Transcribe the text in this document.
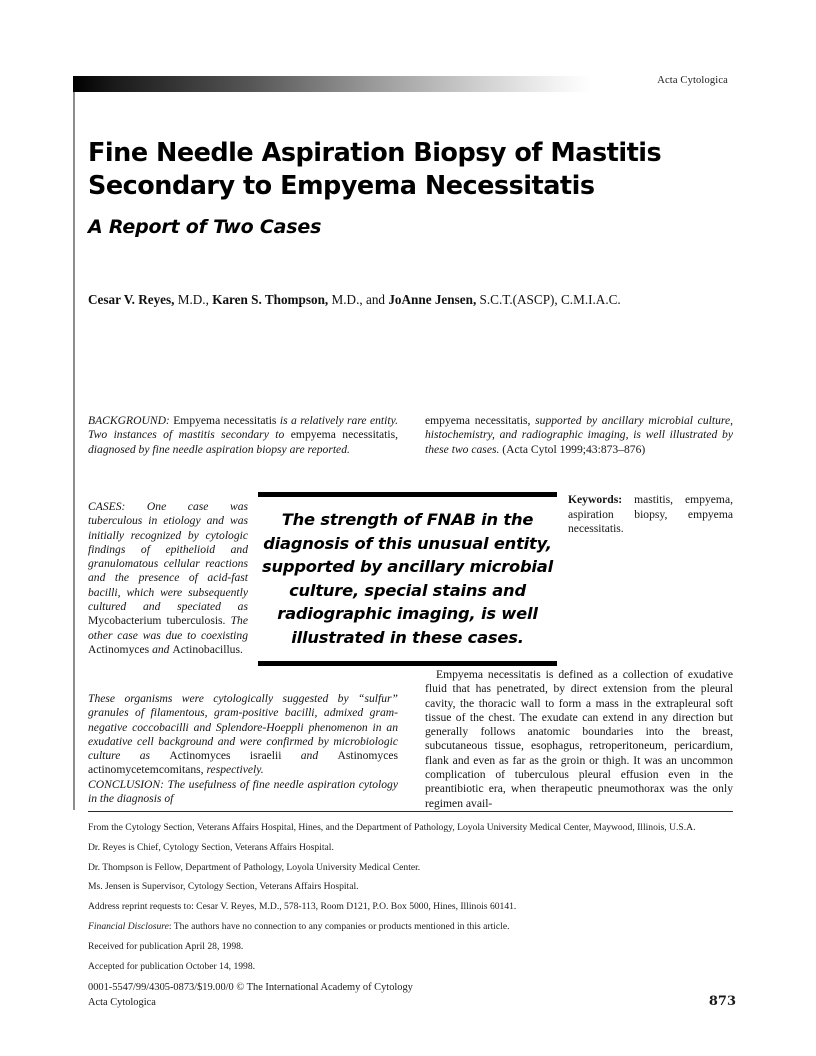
Acta Cytologica
Fine Needle Aspiration Biopsy of Mastitis
Secondary to Empyema Necessitatis
A Report of Two Cases
Cesar V. Reyes, M.D., Karen S. Thompson, M.D., and JoAnne Jensen, S.C.T.(ASCP), C.M.I.A.C.
BACKGROUND: Empyema necessitatis is a relatively rare entity. Two instances of mastitis secondary to empyema necessitatis, diagnosed by fine needle aspiration biopsy are reported.
CASES: One case was tuberculous in etiology and was initially recognized by cytologic findings of epithelioid and granulomatous cellular reactions and the presence of acid-fast bacilli, which were subsequently cultured and speciated as Mycobacterium tuberculosis. The other case was due to coexisting Actinomyces and Actinobacillus.
These organisms were cytologically suggested by “sulfur” granules of filamentous, gram-positive bacilli, admixed gram-negative coccobacilli and Splendore-Hoeppli phenomenon in an exudative cell background and were confirmed by microbiologic culture as Actinomyces israelii and Astinomyces actinomycetemcomitans, respectively.
CONCLUSION: The usefulness of fine needle aspiration cytology in the diagnosis of
empyema necessitatis, supported by ancillary microbial culture, histochemistry, and radiographic imaging, is well illustrated by these two cases. (Acta Cytol 1999;43:873–876)
Keywords: mastitis, empyema, aspiration biopsy, empyema necessitatis.
Empyema necessitatis is defined as a collection of exudative fluid that has penetrated, by direct extension from the pleural cavity, the thoracic wall to form a mass in the extrapleural soft tissue of the chest. The exudate can extend in any direction but generally follows anatomic boundaries into the breast, subcutaneous tissue, esophagus, retroperitoneum, pericardium, flank and even as far as the groin or thigh. It was an uncommon complication of tuberculous pleural effusion even in the preantibiotic era, when therapeutic pneumothorax was the only regimen avail-
The strength of FNAB in the
diagnosis of this unusual entity,
supported by ancillary microbial
culture, special stains and
radiographic imaging, is well
illustrated in these cases.

From the Cytology Section, Veterans Affairs Hospital, Hines, and the Department of Pathology, Loyola University Medical Center, Maywood, Illinois, U.S.A.

Dr. Reyes is Chief, Cytology Section, Veterans Affairs Hospital.

Dr. Thompson is Fellow, Department of Pathology, Loyola University Medical Center.

Ms. Jensen is Supervisor, Cytology Section, Veterans Affairs Hospital.

Address reprint requests to: Cesar V. Reyes, M.D., 578-113, Room D121, P.O. Box 5000, Hines, Illinois 60141.

Financial Disclosure: The authors have no connection to any companies or products mentioned in this article.

Received for publication April 28, 1998.

Accepted for publication October 14, 1998.

0001-5547/99/4305-0873/$19.00/0 © The International Academy of Cytology
Acta Cytologica	873
